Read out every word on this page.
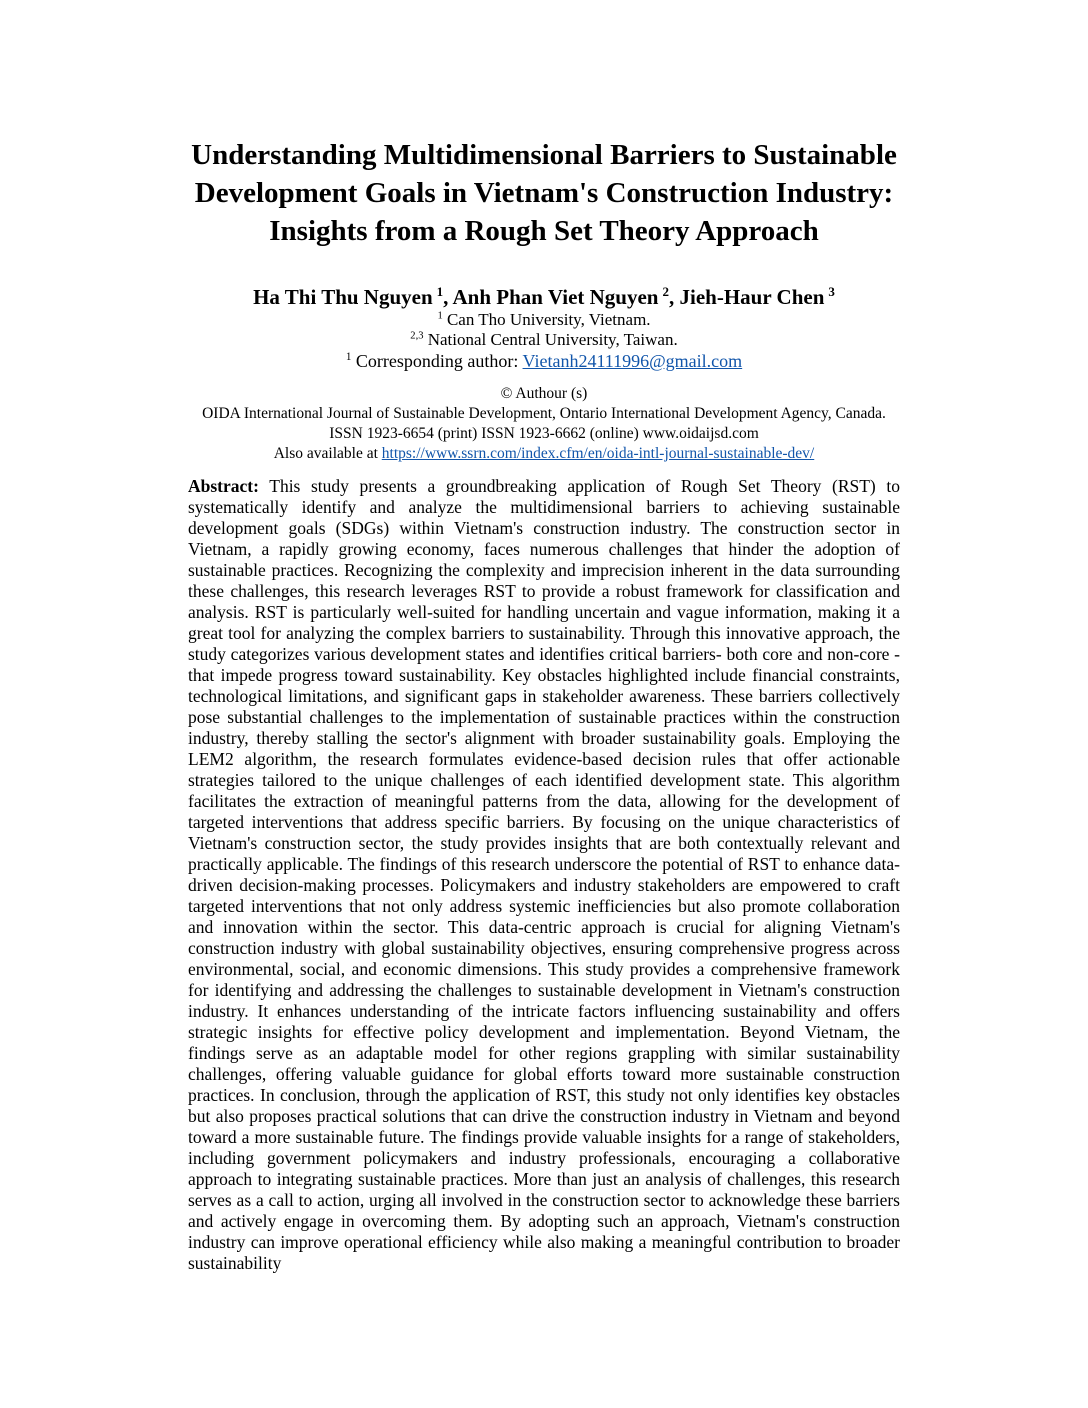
Understanding Multidimensional Barriers to Sustainable
Development Goals in Vietnam's Construction Industry:
Insights from a Rough Set Theory Approach
Ha Thi Thu Nguyen $^1$, Anh Phan Viet Nguyen $^2$, Jieh-Haur Chen $^3$
$^1$ Can Tho University, Vietnam.
$^{2,3}$ National Central University, Taiwan.
$^1$ Corresponding author: Vietanh24111996@gmail.com
© Authour (s)
OIDA International Journal of Sustainable Development, Ontario International Development Agency, Canada.
ISSN 1923-6654 (print) ISSN 1923-6662 (online) www.oidaijsd.com
Also available at https://www.ssrn.com/index.cfm/en/oida-intl-journal-sustainable-dev/

Abstract: This study presents a groundbreaking application of Rough Set Theory (RST) to systematically identify and analyze the multidimensional barriers to achieving sustainable development goals (SDGs) within Vietnam's construction industry. The construction sector in Vietnam, a rapidly growing economy, faces numerous challenges that hinder the adoption of sustainable practices. Recognizing the complexity and imprecision inherent in the data surrounding these challenges, this research leverages RST to provide a robust framework for classification and analysis. RST is particularly well-suited for handling uncertain and vague information, making it a great tool for analyzing the complex barriers to sustainability. Through this innovative approach, the study categorizes various development states and identifies critical barriers- both core and non-core - that impede progress toward sustainability. Key obstacles highlighted include financial constraints, technological limitations, and significant gaps in stakeholder awareness. These barriers collectively pose substantial challenges to the implementation of sustainable practices within the construction industry, thereby stalling the sector's alignment with broader sustainability goals. Employing the LEM2 algorithm, the research formulates evidence-based decision rules that offer actionable strategies tailored to the unique challenges of each identified development state. This algorithm facilitates the extraction of meaningful patterns from the data, allowing for the development of targeted interventions that address specific barriers. By focusing on the unique characteristics of Vietnam's construction sector, the study provides insights that are both contextually relevant and practically applicable. The findings of this research underscore the potential of RST to enhance data-driven decision-making processes. Policymakers and industry stakeholders are empowered to craft targeted interventions that not only address systemic inefficiencies but also promote collaboration and innovation within the sector. This data-centric approach is crucial for aligning Vietnam's construction industry with global sustainability objectives, ensuring comprehensive progress across environmental, social, and economic dimensions. This study provides a comprehensive framework for identifying and addressing the challenges to sustainable development in Vietnam's construction industry. It enhances understanding of the intricate factors influencing sustainability and offers strategic insights for effective policy development and implementation. Beyond Vietnam, the findings serve as an adaptable model for other regions grappling with similar sustainability challenges, offering valuable guidance for global efforts toward more sustainable construction practices. In conclusion, through the application of RST, this study not only identifies key obstacles but also proposes practical solutions that can drive the construction industry in Vietnam and beyond toward a more sustainable future. The findings provide valuable insights for a range of stakeholders, including government policymakers and industry professionals, encouraging a collaborative approach to integrating sustainable practices. More than just an analysis of challenges, this research serves as a call to action, urging all involved in the construction sector to acknowledge these barriers and actively engage in overcoming them. By adopting such an approach, Vietnam's construction industry can improve operational efficiency while also making a meaningful contribution to broader sustainability
